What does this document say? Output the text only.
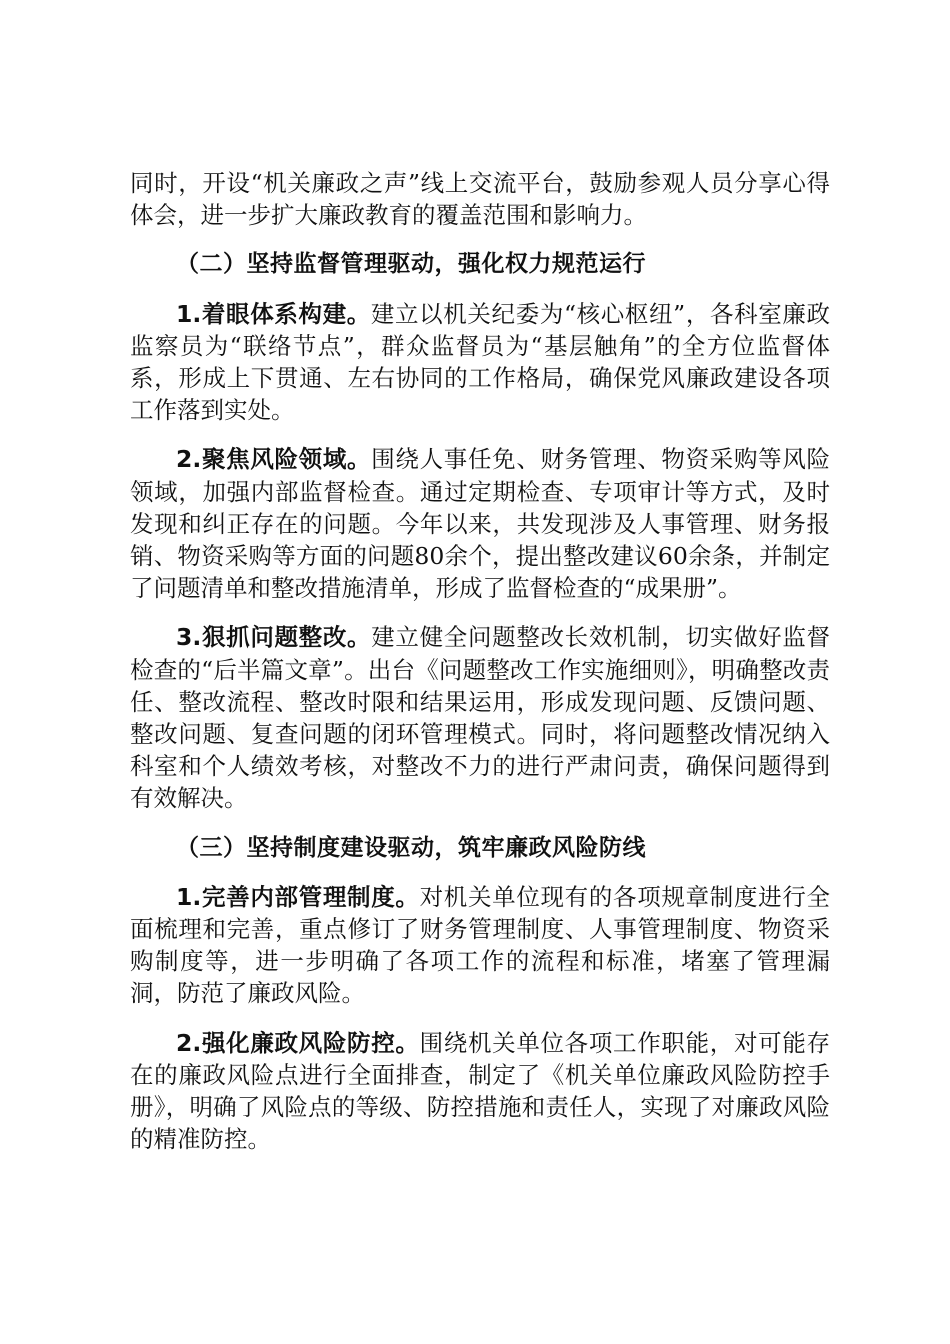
同时，开设“机关廉政之声”线上交流平台，鼓励参观人员分享心得体会，进一步扩大廉政教育的覆盖范围和影响力。

（二）坚持监督管理驱动，强化权力规范运行

1.着眼体系构建。建立以机关纪委为“核心枢纽”，各科室廉政监察员为“联络节点”，群众监督员为“基层触角”的全方位监督体系，形成上下贯通、左右协同的工作格局，确保党风廉政建设各项工作落到实处。

2.聚焦风险领域。围绕人事任免、财务管理、物资采购等风险领域，加强内部监督检查。通过定期检查、专项审计等方式，及时发现和纠正存在的问题。今年以来，共发现涉及人事管理、财务报销、物资采购等方面的问题80余个，提出整改建议60余条，并制定了问题清单和整改措施清单，形成了监督检查的“成果册”。

3.狠抓问题整改。建立健全问题整改长效机制，切实做好监督检查的“后半篇文章”。出台《问题整改工作实施细则》，明确整改责任、整改流程、整改时限和结果运用，形成发现问题、反馈问题、整改问题、复查问题的闭环管理模式。同时，将问题整改情况纳入科室和个人绩效考核，对整改不力的进行严肃问责，确保问题得到有效解决。

（三）坚持制度建设驱动，筑牢廉政风险防线

1.完善内部管理制度。对机关单位现有的各项规章制度进行全面梳理和完善，重点修订了财务管理制度、人事管理制度、物资采购制度等，进一步明确了各项工作的流程和标准，堵塞了管理漏洞，防范了廉政风险。

2.强化廉政风险防控。围绕机关单位各项工作职能，对可能存在的廉政风险点进行全面排查，制定了《机关单位廉政风险防控手册》，明确了风险点的等级、防控措施和责任人，实现了对廉政风险的精准防控。
